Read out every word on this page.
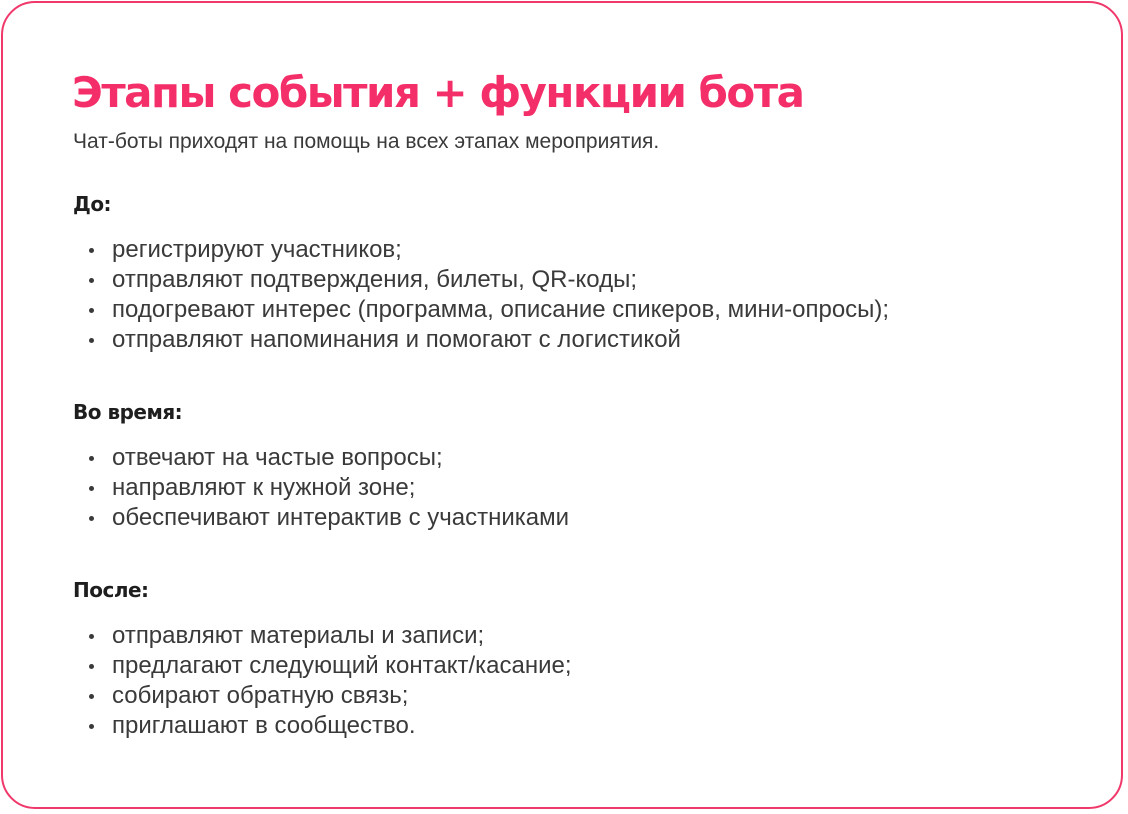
Этапы события + функции бота

Чат-боты приходят на помощь на всех этапах мероприятия.

До:
регистрируют участников;
отправляют подтверждения, билеты, QR-коды;
подогревают интерес (программа, описание спикеров, мини-опросы);
отправляют напоминания и помогают с логистикой
Во время:
отвечают на частые вопросы;
направляют к нужной зоне;
обеспечивают интерактив с участниками
После:
отправляют материалы и записи;
предлагают следующий контакт/касание;
собирают обратную связь;
приглашают в сообщество.
